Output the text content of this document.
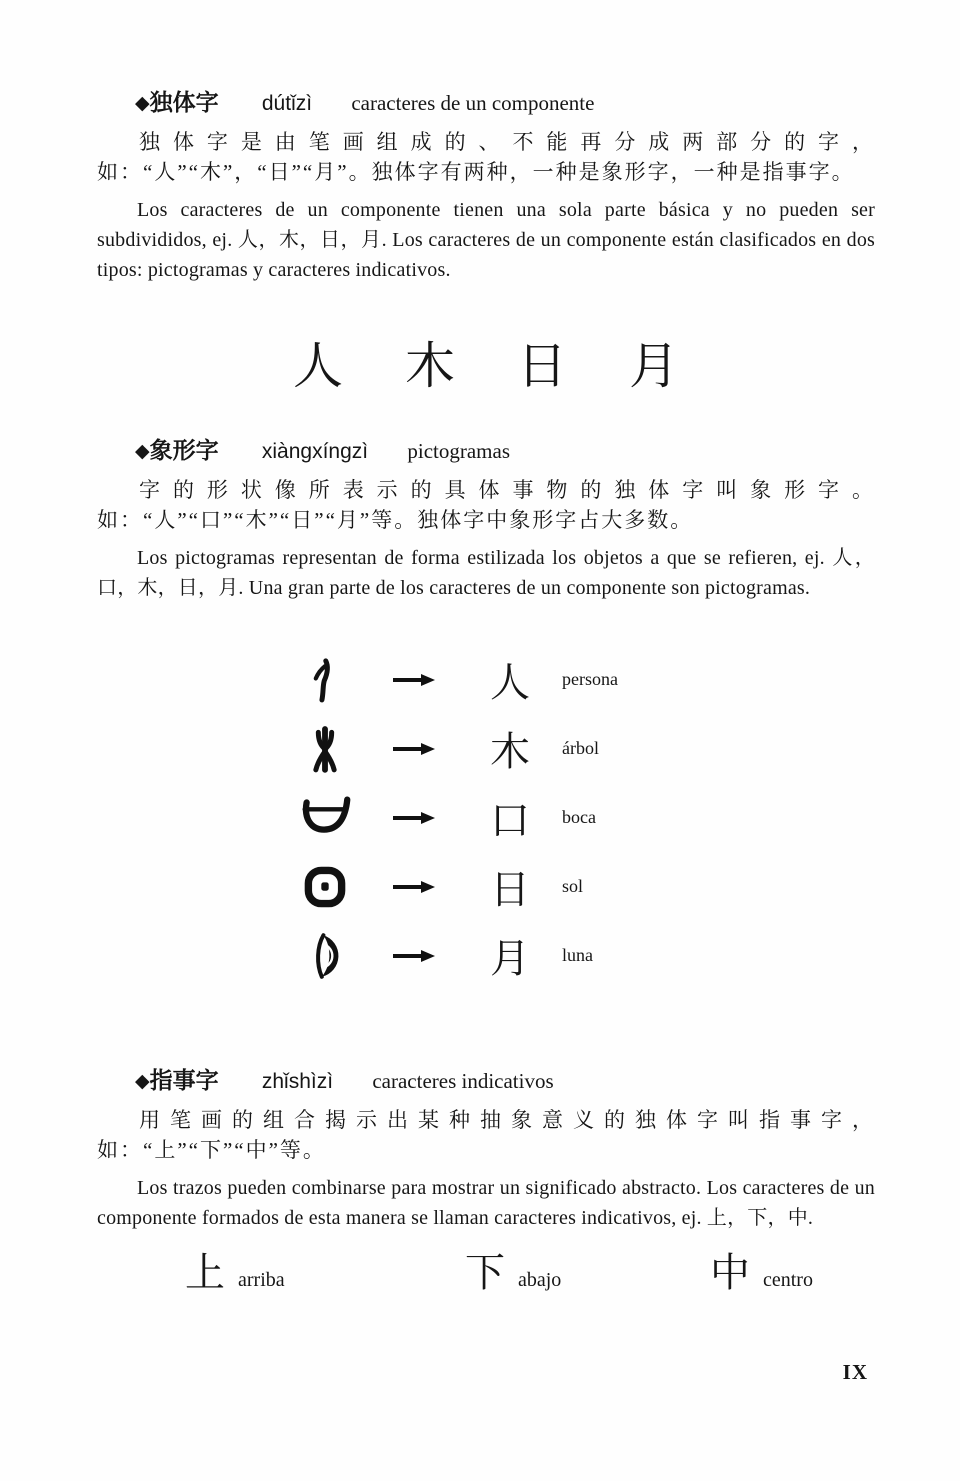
◆独体字 dútǐzì caracteres de un componente

独体字是由笔画组成的、不能再分成两部分的字，如：“人”“木”，“日”“月”。独体字有两种，一种是象形字，一种是指事字。

Los caracteres de un componente tienen una sola parte básica y no pueden ser subdivididos, ej. 人，木，日，月. Los caracteres de un componente están clasificados en dos tipos: pictogramas y caracteres indicativos.

人 木 日 月
◆象形字 xiàngxíngzì pictogramas

字的形状像所表示的具体事物的独体字叫象形字。如：“人”“口”“木”“日”“月”等。独体字中象形字占大多数。

Los pictogramas representan de forma estilizada los objetos a que se refieren, ej. 人，口，木，日，月. Una gran parte de los caracteres de un componente son pictogramas.

人	persona
木	árbol
口	boca
日	sol
月	luna
◆指事字 zhǐshìzì caracteres indicativos

用笔画的组合揭示出某种抽象意义的独体字叫指事字，如：“上”“下”“中”等。

Los trazos pueden combinarse para mostrar un significado abstracto. Los caracteres de un componente formados de esta manera se llaman caracteres indicativos, ej. 上，下，中.

上 arriba	下 abajo	中 centro
IX
